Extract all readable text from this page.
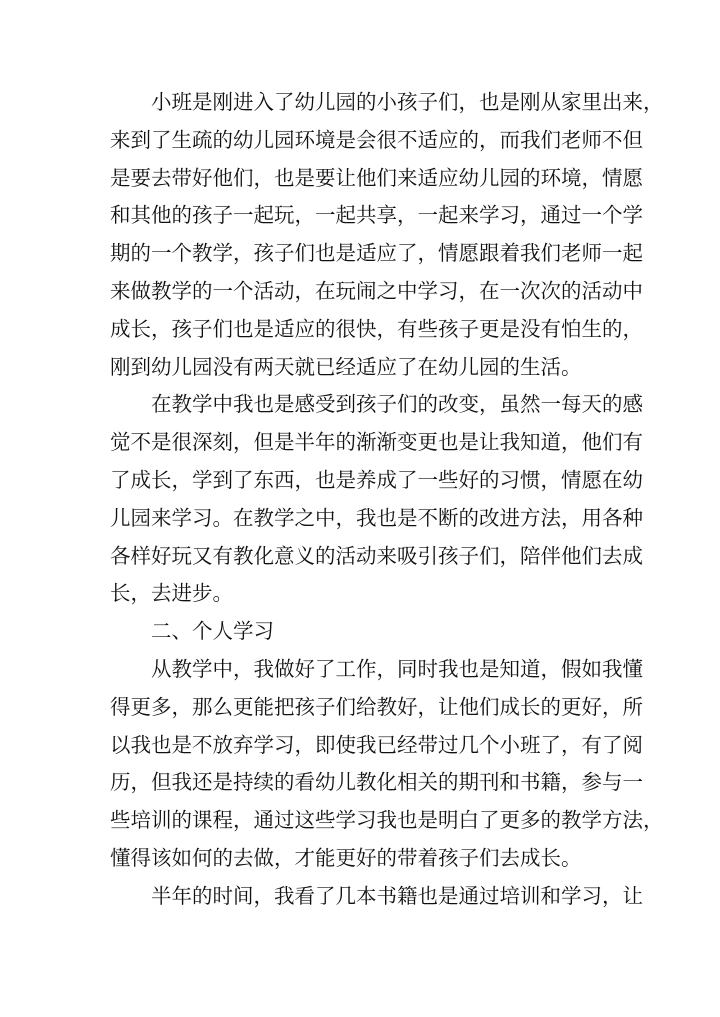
小班是刚进入了幼儿园的小孩子们，也是刚从家里出来，
来到了生疏的幼儿园环境是会很不适应的，而我们老师不但
是要去带好他们，也是要让他们来适应幼儿园的环境，情愿
和其他的孩子一起玩，一起共享，一起来学习，通过一个学
期的一个教学，孩子们也是适应了，情愿跟着我们老师一起
来做教学的一个活动，在玩闹之中学习，在一次次的活动中
成长，孩子们也是适应的很快，有些孩子更是没有怕生的，
刚到幼儿园没有两天就已经适应了在幼儿园的生活。
在教学中我也是感受到孩子们的改变，虽然一每天的感
觉不是很深刻，但是半年的渐渐变更也是让我知道，他们有
了成长，学到了东西，也是养成了一些好的习惯，情愿在幼
儿园来学习。在教学之中，我也是不断的改进方法，用各种
各样好玩又有教化意义的活动来吸引孩子们，陪伴他们去成
长，去进步。
二、个人学习
从教学中，我做好了工作，同时我也是知道，假如我懂
得更多，那么更能把孩子们给教好，让他们成长的更好，所
以我也是不放弃学习，即使我已经带过几个小班了，有了阅
历，但我还是持续的看幼儿教化相关的期刊和书籍，参与一
些培训的课程，通过这些学习我也是明白了更多的教学方法，
懂得该如何的去做，才能更好的带着孩子们去成长。
半年的时间，我看了几本书籍也是通过培训和学习，让
